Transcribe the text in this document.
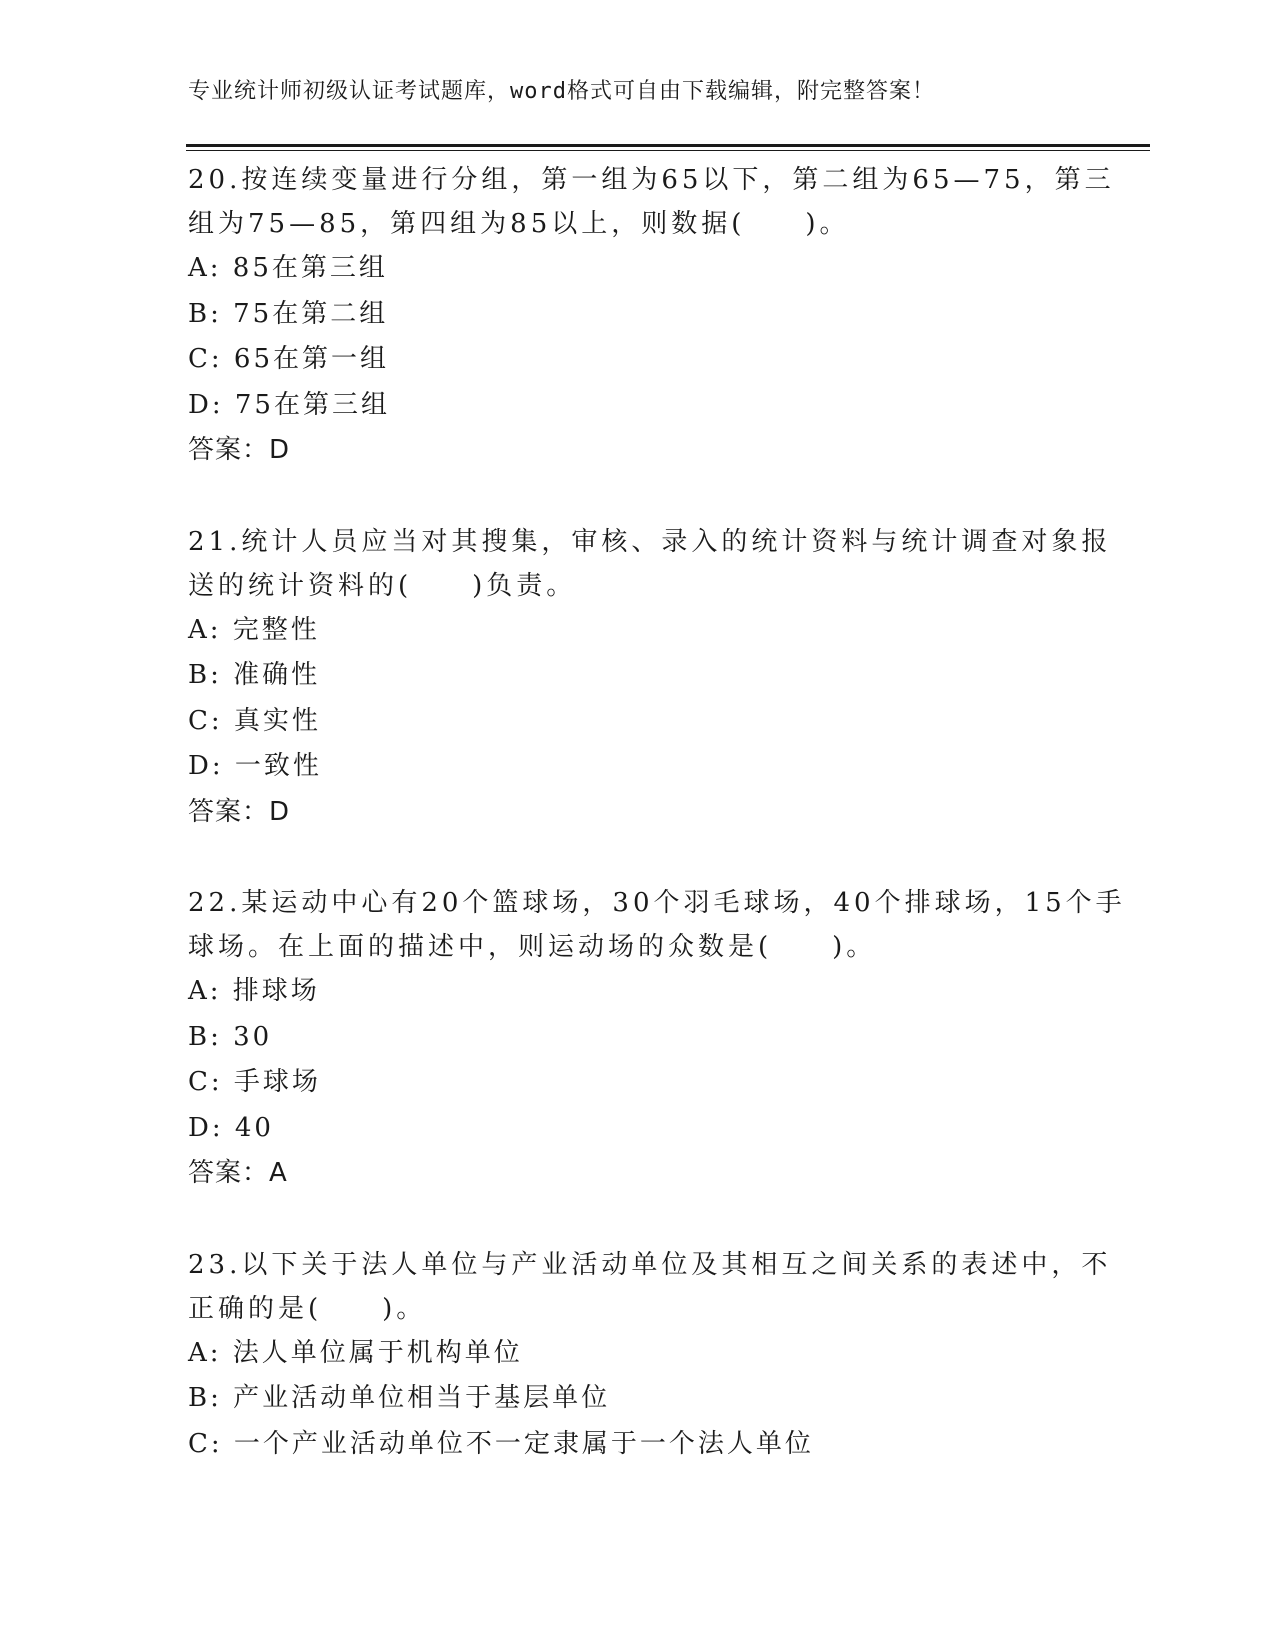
专业统计师初级认证考试题库，word格式可自由下载编辑，附完整答案！
20.按连续变量进行分组，第一组为65以下，第二组为65—75，第三
组为75—85，第四组为85以上，则数据(　　)。
A: 85在第三组
B: 75在第二组
C: 65在第一组
D: 75在第三组
答案：D
21.统计人员应当对其搜集，审核、录入的统计资料与统计调查对象报
送的统计资料的(　　)负责。
A: 完整性
B: 准确性
C: 真实性
D: 一致性
答案：D
22.某运动中心有20个篮球场，30个羽毛球场，40个排球场，15个手
球场。在上面的描述中，则运动场的众数是(　　)。
A: 排球场
B: 30
C: 手球场
D: 40
答案：A
23.以下关于法人单位与产业活动单位及其相互之间关系的表述中，不
正确的是(　　)。
A: 法人单位属于机构单位
B: 产业活动单位相当于基层单位
C: 一个产业活动单位不一定隶属于一个法人单位
